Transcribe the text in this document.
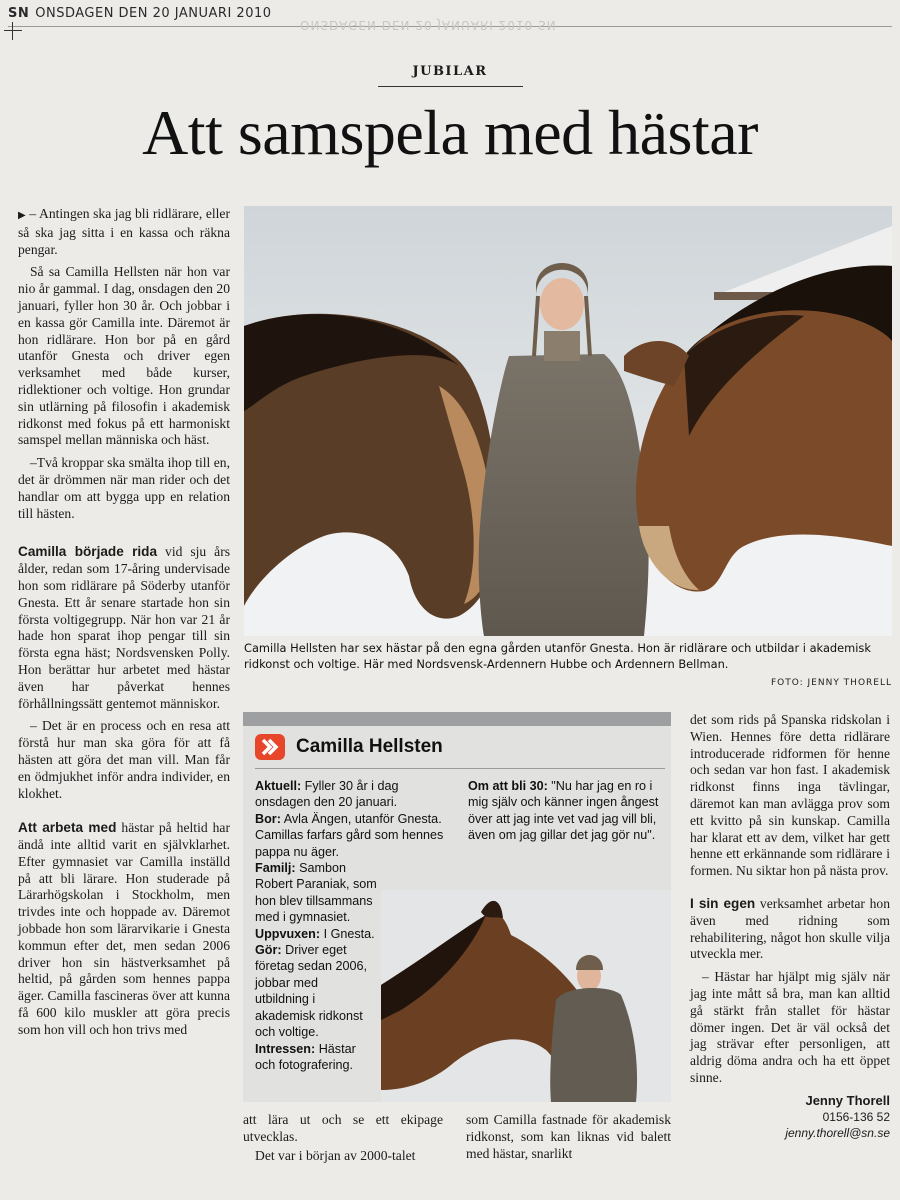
SN ONSDAGEN DEN 20 JANUARI 2010
ONSDAGEN DEN 20 JANUARI 2010 SN
JUBILAR
Att samspela med hästar

▶ – Antingen ska jag bli ridlärare, eller så ska jag sitta i en kassa och räkna pengar.

Så sa Camilla Hellsten när hon var nio år gammal. I dag, onsdagen den 20 januari, fyller hon 30 år. Och jobbar i en kassa gör Camilla inte. Däremot är hon ridlärare. Hon bor på en gård utanför Gnesta och driver egen verksamhet med både kurser, ridlektioner och voltige. Hon grundar sin utlärning på filosofin i akademisk ridkonst med fokus på ett harmoniskt samspel mellan människa och häst.

–Två kroppar ska smälta ihop till en, det är drömmen när man rider och det handlar om att bygga upp en relation till hästen.

Camilla började rida vid sju års ålder, redan som 17-åring undervisade hon som ridlärare på Söderby utanför Gnesta. Ett år senare startade hon sin första voltigegrupp. När hon var 21 år hade hon sparat ihop pengar till sin första egna häst; Nordsvensken Polly. Hon berättar hur arbetet med hästar även har påverkat hennes förhållningssätt gentemot människor.

– Det är en process och en resa att förstå hur man ska göra för att få hästen att göra det man vill. Man får en ödmjukhet inför andra individer, en klokhet.

Att arbeta med hästar på heltid har ändå inte alltid varit en självklarhet. Efter gymnasiet var Camilla inställd på att bli lärare. Hon studerade på Lärarhögskolan i Stockholm, men trivdes inte och hoppade av. Däremot jobbade hon som lärarvikarie i Gnesta kommun efter det, men sedan 2006 driver hon sin hästverksamhet på heltid, på gården som hennes pappa äger. Camilla fascineras över att kunna få 600 kilo muskler att göra precis som hon vill och hon trivs med

Camilla Hellsten har sex hästar på den egna gården utanför Gnesta. Hon är ridlärare och utbildar i akademisk ridkonst och voltige. Här med Nordsvensk-Ardennern Hubbe och Ardennern Bellman.
FOTO: JENNY THORELL
Camilla Hellsten
Aktuell: Fyller 30 år i dag onsdagen den 20 januari.
Bor: Avla Ängen, utanför Gnesta. Camillas farfars gård som hennes pappa nu äger.
Familj: Sambon Robert Paraniak, som hon blev tillsammans med i gymnasiet.
Uppvuxen: I Gnesta.
Gör: Driver eget företag sedan 2006, jobbar med utbildning i akademisk ridkonst och voltige.
Intressen: Hästar och fotografering.
Om att bli 30: "Nu har jag en ro i mig själv och känner ingen ångest över att jag inte vet vad jag vill bli, även om jag gillar det jag gör nu".

att lära ut och se ett ekipage utvecklas.

Det var i början av 2000-talet

som Camilla fastnade för akademisk ridkonst, som kan liknas vid balett med hästar, snarlikt

det som rids på Spanska ridskolan i Wien. Hennes före detta ridlärare introducerade ridformen för henne och sedan var hon fast. I akademisk ridkonst finns inga tävlingar, däremot kan man avlägga prov som ett kvitto på sin kunskap. Camilla har klarat ett av dem, vilket har gett henne ett erkännande som ridlärare i formen. Nu siktar hon på nästa prov.

I sin egen verksamhet arbetar hon även med ridning som rehabilitering, något hon skulle vilja utveckla mer.

– Hästar har hjälpt mig själv när jag inte mått så bra, man kan alltid gå stärkt från stallet för hästar dömer ingen. Det är väl också det jag strävar efter personligen, att aldrig döma andra och ha ett öppet sinne.

Jenny Thorell
0156-136 52
jenny.thorell@sn.se
